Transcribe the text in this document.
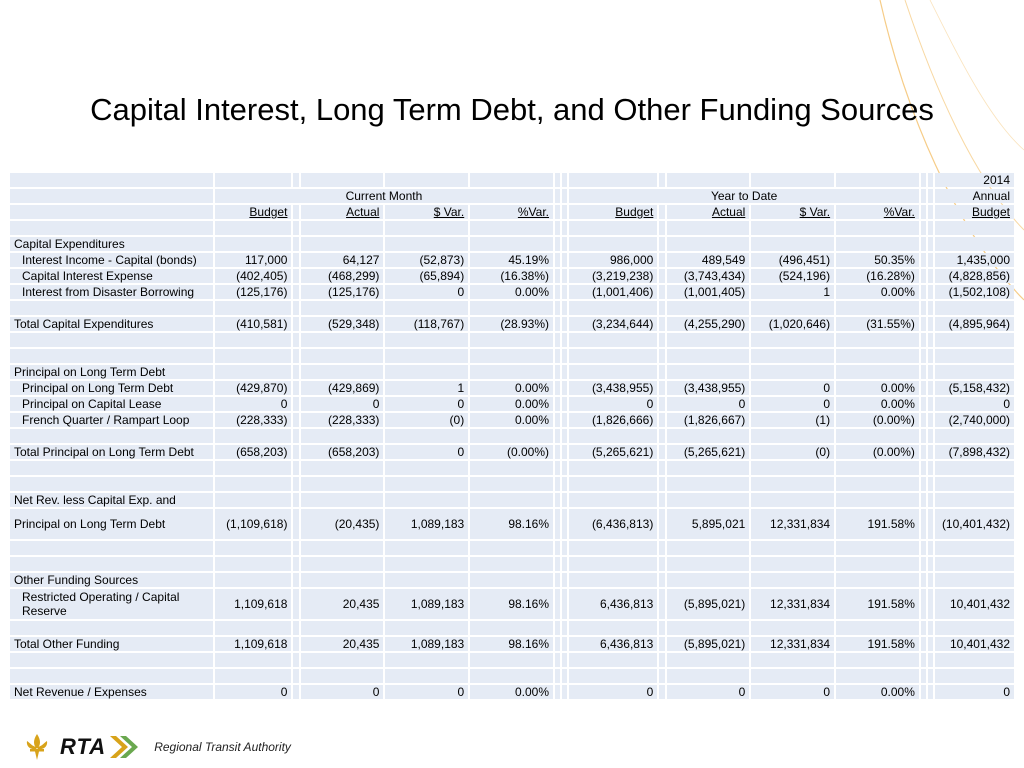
Capital Interest, Long Term Debt, and Other Funding Sources
															2014
	Current Month							Year to Date							Annual
	Budget		Actual	$ Var.	%Var.			Budget		Actual	$ Var.	%Var.			Budget

Capital Expenditures															
Interest Income - Capital (bonds)	117,000		64,127	(52,873)	45.19%			986,000		489,549	(496,451)	50.35%			1,435,000
Capital Interest Expense	(402,405)		(468,299)	(65,894)	(16.38%)			(3,219,238)		(3,743,434)	(524,196)	(16.28%)			(4,828,856)
Interest from Disaster Borrowing	(125,176)		(125,176)	0	0.00%			(1,001,406)		(1,001,405)	1	0.00%			(1,502,108)

Total Capital Expenditures	(410,581)		(529,348)	(118,767)	(28.93%)			(3,234,644)		(4,255,290)	(1,020,646)	(31.55%)			(4,895,964)

Principal on Long Term Debt															
Principal on Long Term Debt	(429,870)		(429,869)	1	0.00%			(3,438,955)		(3,438,955)	0	0.00%			(5,158,432)
Principal on Capital Lease	0		0	0	0.00%			0		0	0	0.00%			0
French Quarter / Rampart Loop	(228,333)		(228,333)	(0)	0.00%			(1,826,666)		(1,826,667)	(1)	(0.00%)			(2,740,000)

Total Principal on Long Term Debt	(658,203)		(658,203)	0	(0.00%)			(5,265,621)		(5,265,621)	(0)	(0.00%)			(7,898,432)

Net Rev. less Capital Exp. and															
Principal on Long Term Debt	(1,109,618)		(20,435)	1,089,183	98.16%			(6,436,813)		5,895,021	12,331,834	191.58%			(10,401,432)

Other Funding Sources															
Restricted Operating / Capital Reserve	1,109,618		20,435	1,089,183	98.16%			6,436,813		(5,895,021)	12,331,834	191.58%			10,401,432

Total Other Funding	1,109,618		20,435	1,089,183	98.16%			6,436,813		(5,895,021)	12,331,834	191.58%			10,401,432

Net Revenue / Expenses	0		0	0	0.00%			0		0	0	0.00%			0
RTA	Regional Transit Authority
